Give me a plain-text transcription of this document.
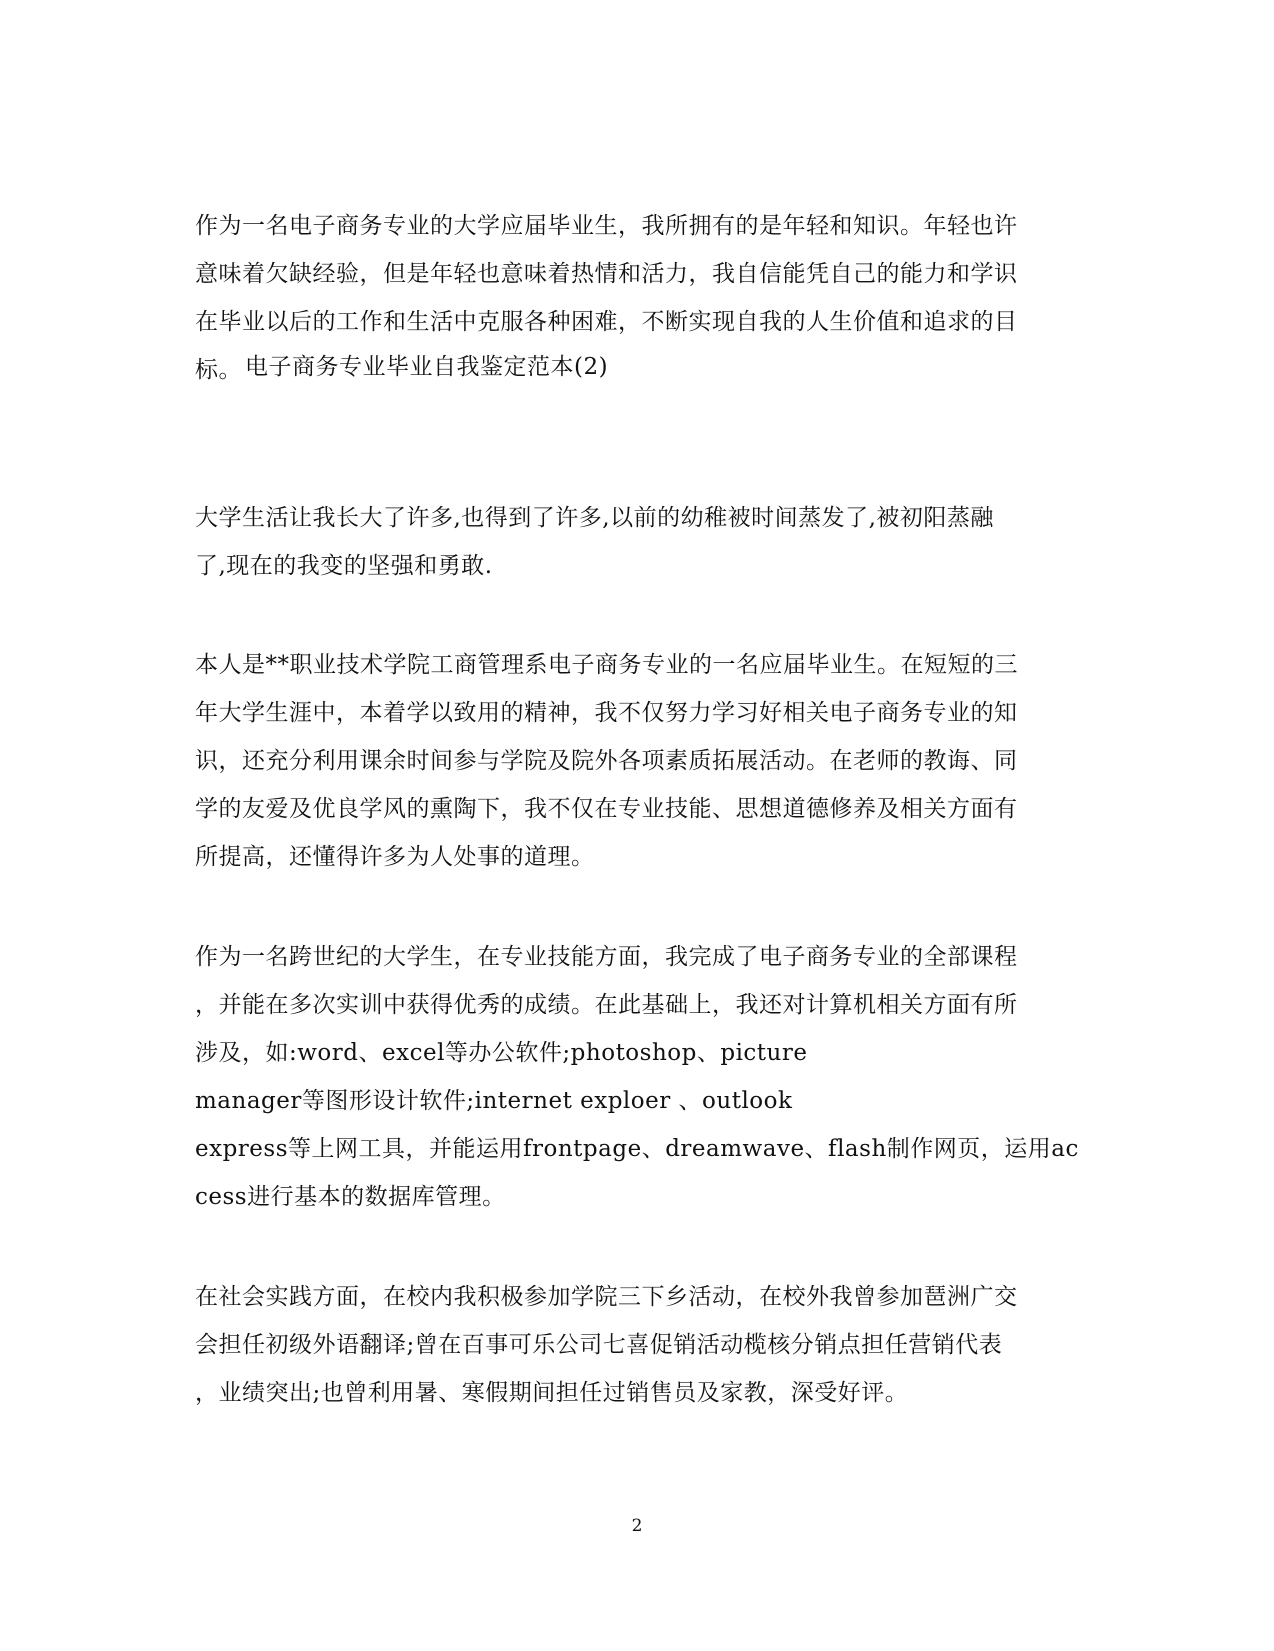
作为一名电子商务专业的大学应届毕业生，我所拥有的是年轻和知识。年轻也许
意味着欠缺经验，但是年轻也意味着热情和活力，我自信能凭自己的能力和学识
在毕业以后的工作和生活中克服各种困难，不断实现自我的人生价值和追求的目
标。 电子商务专业毕业自我鉴定范本(2)

大学生活让我长大了许多,也得到了许多,以前的幼稚被时间蒸发了,被初阳蒸融
了,现在的我变的坚强和勇敢.

本人是**职业技术学院工商管理系电子商务专业的一名应届毕业生。在短短的三
年大学生涯中，本着学以致用的精神，我不仅努力学习好相关电子商务专业的知
识，还充分利用课余时间参与学院及院外各项素质拓展活动。在老师的教诲、同
学的友爱及优良学风的熏陶下，我不仅在专业技能、思想道德修养及相关方面有
所提高，还懂得许多为人处事的道理。

作为一名跨世纪的大学生，在专业技能方面，我完成了电子商务专业的全部课程
，并能在多次实训中获得优秀的成绩。在此基础上，我还对计算机相关方面有所
涉及，如:word、excel等办公软件;photoshop、picture
manager等图形设计软件;internet exploer 、outlook
express等上网工具，并能运用frontpage、dreamwave、flash制作网页，运用ac
cess进行基本的数据库管理。

在社会实践方面，在校内我积极参加学院三下乡活动，在校外我曾参加琶洲广交
会担任初级外语翻译;曾在百事可乐公司七喜促销活动榄核分销点担任营销代表
，业绩突出;也曾利用暑、寒假期间担任过销售员及家教，深受好评。

2
